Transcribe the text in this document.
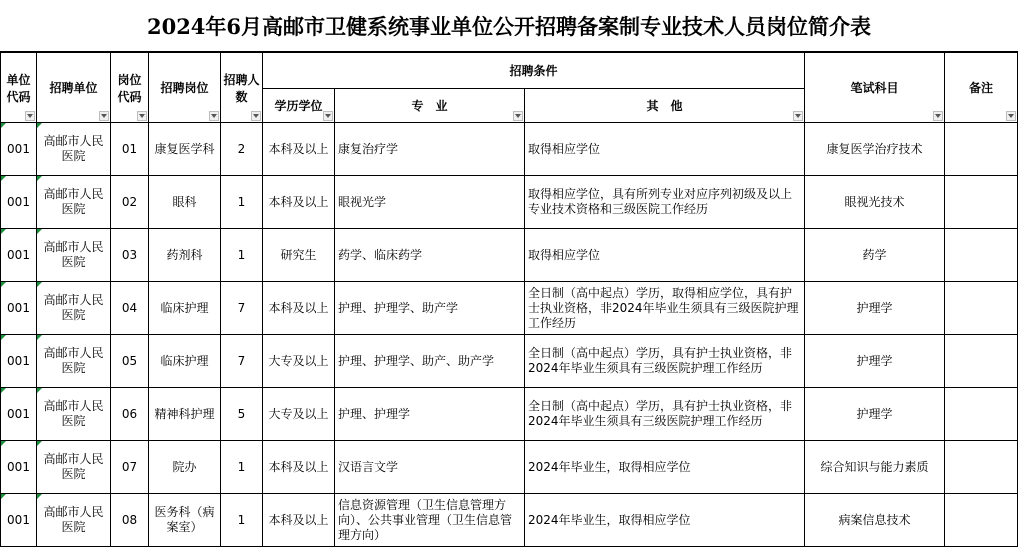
2024年6月高邮市卫健系统事业单位公开招聘备案制专业技术人员岗位简介表
单位代码	招聘单位	岗位代码	招聘岗位	招聘人数	招聘条件			笔试科目	备注

					学历学位	专　业	其　他		

001	高邮市人民医院	01	康复医学科	2	本科及以上	康复治疗学	取得相应学位	康复医学治疗技术	
001	高邮市人民医院	02	眼科	1	本科及以上	眼视光学	取得相应学位，具有所列专业对应序列初级及以上专业技术资格和三级医院工作经历	眼视光技术	
001	高邮市人民医院	03	药剂科	1	研究生	药学、临床药学	取得相应学位	药学	
001	高邮市人民医院	04	临床护理	7	本科及以上	护理、护理学、助产学	全日制（高中起点）学历，取得相应学位，具有护士执业资格，非2024年毕业生须具有三级医院护理工作经历	护理学	
001	高邮市人民医院	05	临床护理	7	大专及以上	护理、护理学、助产、助产学	全日制（高中起点）学历，具有护士执业资格，非2024年毕业生须具有三级医院护理工作经历	护理学	
001	高邮市人民医院	06	精神科护理	5	大专及以上	护理、护理学	全日制（高中起点）学历，具有护士执业资格，非2024年毕业生须具有三级医院护理工作经历	护理学	
001	高邮市人民医院	07	院办	1	本科及以上	汉语言文学	2024年毕业生，取得相应学位	综合知识与能力素质	
001	高邮市人民医院	08	医务科（病案室）	1	本科及以上	信息资源管理（卫生信息管理方向）、公共事业管理（卫生信息管理方向）	2024年毕业生，取得相应学位	病案信息技术	
